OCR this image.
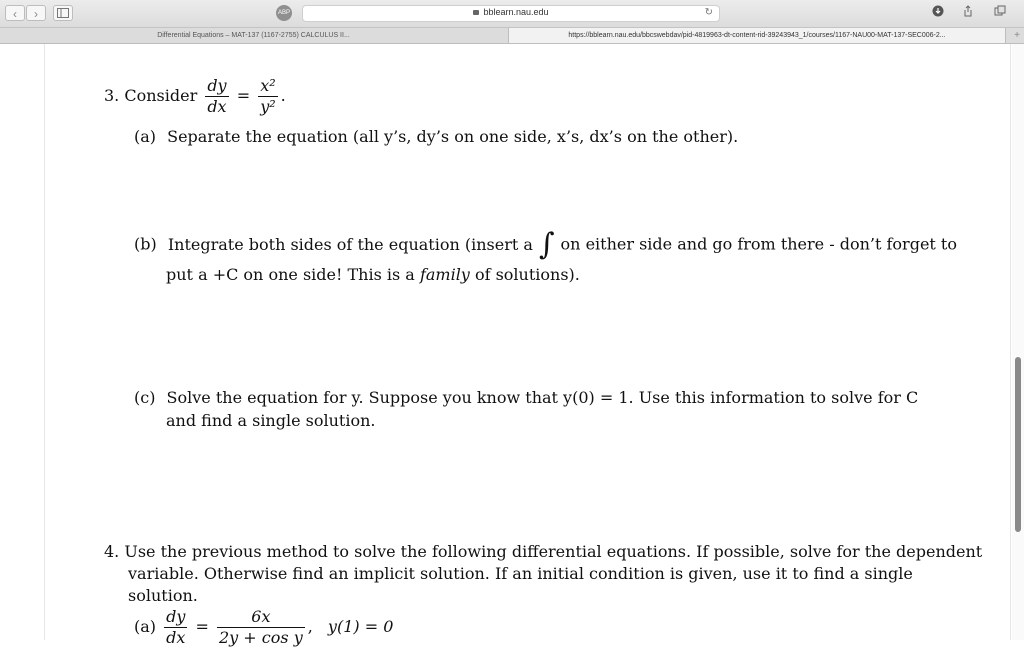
‹	›	ABP	bblearn.nau.edu	↻
Differential Equations – MAT-137 (1167-2755) CALCULUS II...	https://bblearn.nau.edu/bbcswebdav/pid-4819963-dt-content-rid-39243943_1/courses/1167-NAU00-MAT-137-SEC006-2...	+
3. Consider $\frac{dy}{dx} = \frac{\text{x²}}{\text{y²}}$ .
(a) Separate the equation (all y’s, dy’s on one side, x’s, dx’s on the other).
(b) Integrate both sides of the equation (insert a ∫ on either side and go from there - don’t forget to
put a +C on one side! This is a family of solutions).
(c) Solve the equation for y. Suppose you know that y(0) = 1. Use this information to solve for C
and find a single solution.
4. Use the previous method to solve the following differential equations. If possible, solve for the dependent
variable. Otherwise find an implicit solution. If an initial condition is given, use it to find a single
solution.
$(a) \frac{dy}{dx} = \frac{6x}{\text{2y + cos y}}$ , y(1) = 0
